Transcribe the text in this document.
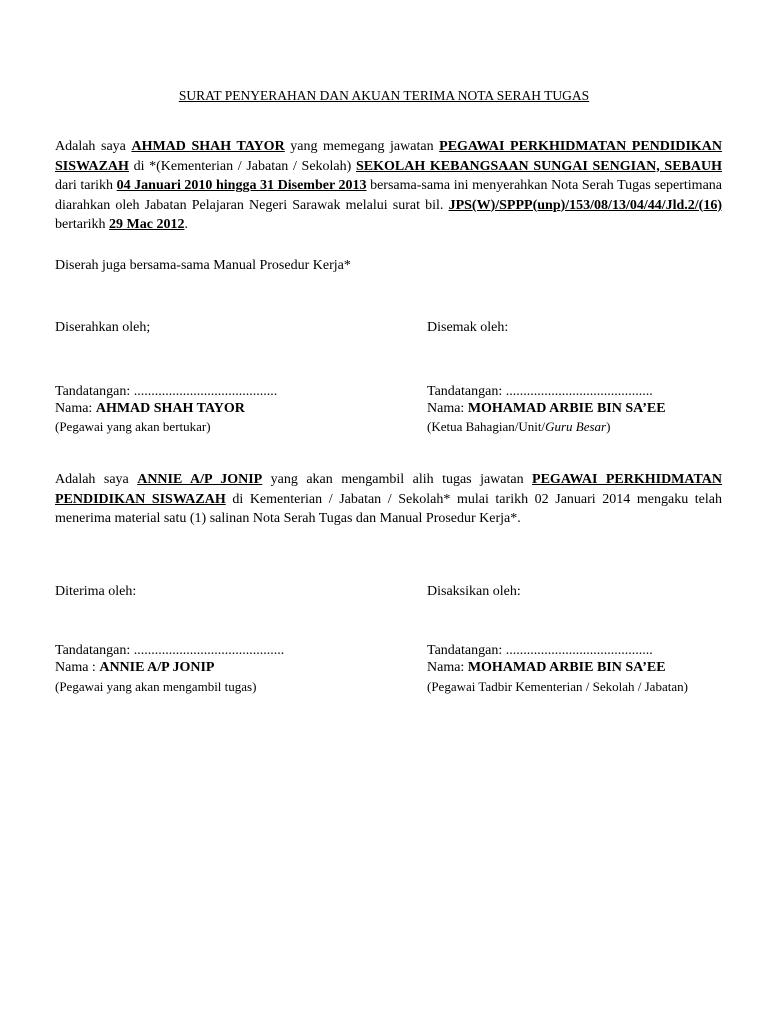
SURAT PENYERAHAN DAN AKUAN TERIMA NOTA SERAH TUGAS

Adalah saya AHMAD SHAH TAYOR yang memegang jawatan PEGAWAI PERKHIDMATAN PENDIDIKAN SISWAZAH di *(Kementerian / Jabatan / Sekolah) SEKOLAH KEBANGSAAN SUNGAI SENGIAN, SEBAUH dari tarikh 04 Januari 2010 hingga 31 Disember 2013 bersama-sama ini menyerahkan Nota Serah Tugas sepertimana diarahkan oleh Jabatan Pelajaran Negeri Sarawak melalui surat bil. JPS(W)/SPPP(unp)/153/08/13/04/44/Jld.2/(16) bertarikh 29 Mac 2012.

Diserah juga bersama-sama Manual Prosedur Kerja*
Diserahkan oleh;	Disemak oleh:
Tandatangan: .........................................	Tandatangan: ..........................................
Nama: AHMAD SHAH TAYOR	Nama: MOHAMAD ARBIE BIN SA’EE
(Pegawai yang akan bertukar)	(Ketua Bahagian/Unit/Guru Besar)

Adalah saya ANNIE A/P JONIP yang akan mengambil alih tugas jawatan PEGAWAI PERKHIDMATAN PENDIDIKAN SISWAZAH di Kementerian / Jabatan / Sekolah* mulai tarikh 02 Januari 2014 mengaku telah menerima material satu (1) salinan Nota Serah Tugas dan Manual Prosedur Kerja*.

Diterima oleh:	Disaksikan oleh:
Tandatangan: ...........................................	Tandatangan: ..........................................
Nama : ANNIE A/P JONIP	Nama: MOHAMAD ARBIE BIN SA’EE
(Pegawai yang akan mengambil tugas)	(Pegawai Tadbir Kementerian / Sekolah / Jabatan)
